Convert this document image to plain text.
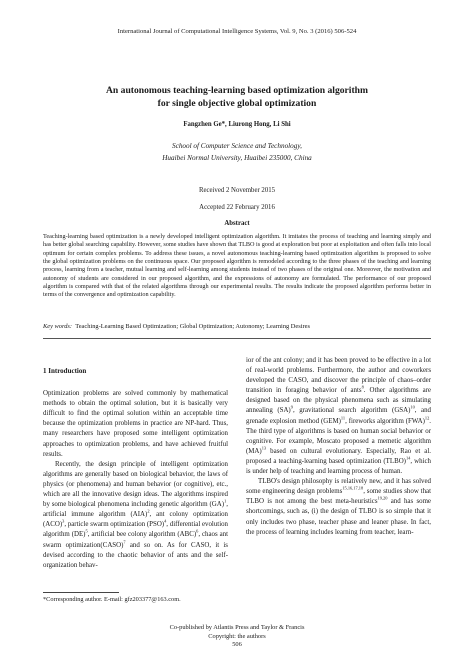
International Journal of Computational Intelligence Systems, Vol. 9, No. 3 (2016) 506-524
An autonomous teaching-learning based optimization algorithm
for single objective global optimization
Fangzhen Ge*, Liurong Hong, Li Shi
School of Computer Science and Technology,
Huaibei Normal University, Huaibei 235000, China
Received 2 November 2015
Accepted 22 February 2016
Abstract
Teaching-learning based optimization is a newly developed intelligent optimization algorithm. It imitates the process of teaching and learning simply and has better global searching capability. However, some studies have shown that TLBO is good at exploration but poor at exploitation and often falls into local optimum for certain complex problems. To address these issues, a novel autonomous teaching-learning based optimization algorithm is proposed to solve the global optimization problems on the continuous space. Our proposed algorithm is remodeled according to the three phases of the teaching and learning process, learning from a teacher, mutual learning and self-learning among students instead of two phases of the original one. Moreover, the motivation and autonomy of students are considered in our proposed algorithm, and the expressions of autonomy are formulated. The performance of our proposed algorithm is compared with that of the related algorithms through our experimental results. The results indicate the proposed algorithm performs better in terms of the convergence and optimization capability.
Key words: Teaching-Learning Based Optimization; Global Optimization; Autonomy; Learning Desires
1 Introduction

Optimization problems are solved commonly by mathematical methods to obtain the optimal solution, but it is basically very difficult to find the optimal solution within an acceptable time because the optimization problems in practice are NP-hard. Thus, many researchers have proposed some intelligent optimization approaches to optimization problems, and have achieved fruitful results.

Recently, the design principle of intelligent optimization algorithms are generally based on biological behavior, the laws of physics (or phenomena) and human behavior (or cognitive), etc., which are all the innovative design ideas. The algorithms inspired by some biological phenomena including genetic algorithm (GA)$^1$, artificial immune algorithm (AIA)$^2$, ant colony optimization (ACO)$^3$, particle swarm optimization (PSO)$^4$, differential evolution algorithm (DE)$^5$, artificial bee colony algorithm (ABC)$^6$, chaos ant swarm optimization(CASO)$^7$ and so on. As for CASO, it is devised according to the chaotic behavior of ants and the self-organization behav-

ior of the ant colony; and it has been proved to be effective in a lot of real-world problems. Furthermore, the author and coworkers developed the CASO, and discover the principle of chaos–order transition in foraging behavior of ants$^8$. Other algorithms are designed based on the physical phenomena such as simulating annealing (SA)$^9$, gravitational search algorithm (GSA)$^{10}$, and grenade explosion method (GEM)$^{11}$, fireworks algorithm (FWA)$^{12}$. The third type of algorithms is based on human social behavior or cognitive. For example, Moscato proposed a memetic algorithm (MA)$^{13}$ based on cultural evolutionary. Especially, Rao et al. proposed a teaching-learning based optimization (TLBO)$^{14}$, which is under help of teaching and learning process of human.

TLBO's design philosophy is relatively new, and it has solved some engineering design problems$^{15,16,17,18}$, some studies show that TLBO is not among the best meta-heuristics$^{19,20}$ and has some shortcomings, such as, (i) the design of TLBO is so simple that it only includes two phase, teacher phase and leaner phase. In fact, the process of learning includes learning from teacher, learn-

*Corresponding author. E-mail: gfz203377@163.com.
Co-published by Atlantis Press and Taylor & Francis
Copyright: the authors
506
